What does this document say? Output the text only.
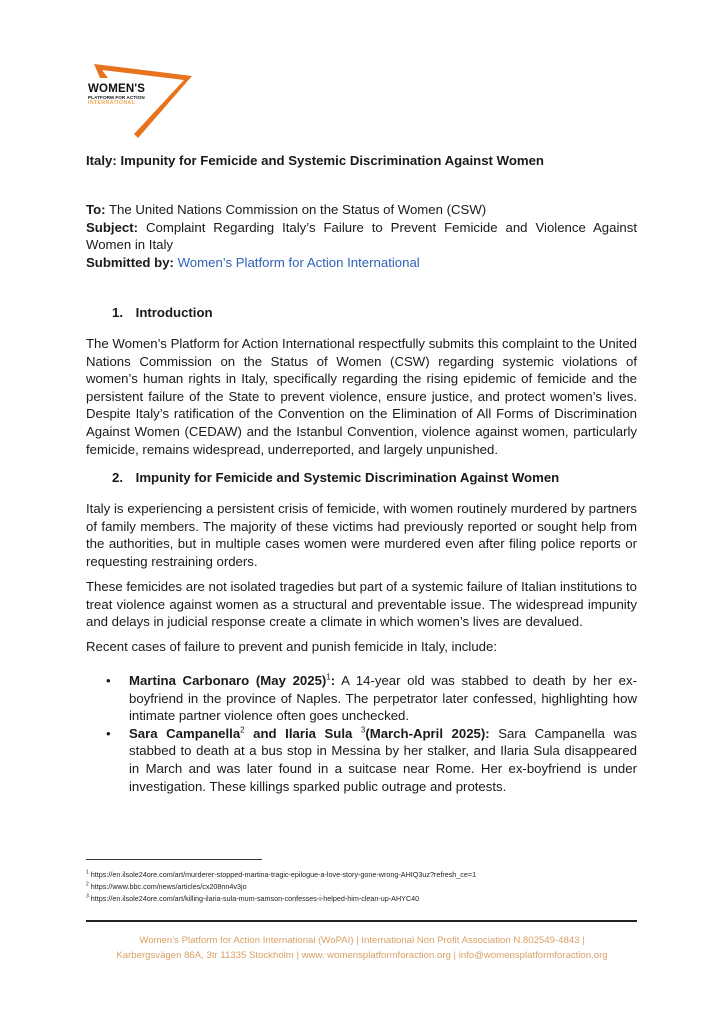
WOMEN'S
PLATFORM FOR ACTION
INTERNATIONAL
Italy: Impunity for Femicide and Systemic Discrimination Against Women
To: The United Nations Commission on the Status of Women (CSW)
Subject: Complaint Regarding Italy’s Failure to Prevent Femicide and Violence Against Women in Italy
Submitted by: Women’s Platform for Action International
1. Introduction
The Women’s Platform for Action International respectfully submits this complaint to the United Nations Commission on the Status of Women (CSW) regarding systemic violations of women’s human rights in Italy, specifically regarding the rising epidemic of femicide and the persistent failure of the State to prevent violence, ensure justice, and protect women’s lives. Despite Italy’s ratification of the Convention on the Elimination of All Forms of Discrimination Against Women (CEDAW) and the Istanbul Convention, violence against women, particularly femicide, remains widespread, underreported, and largely unpunished.
2. Impunity for Femicide and Systemic Discrimination Against Women
Italy is experiencing a persistent crisis of femicide, with women routinely murdered by partners of family members. The majority of these victims had previously reported or sought help from the authorities, but in multiple cases women were murdered even after filing police reports or requesting restraining orders.
These femicides are not isolated tragedies but part of a systemic failure of Italian institutions to treat violence against women as a structural and preventable issue. The widespread impunity and delays in judicial response create a climate in which women’s lives are devalued.
Recent cases of failure to prevent and punish femicide in Italy, include:
• Martina Carbonaro (May 2025)$^1$: A 14-year old was stabbed to death by her ex-boyfriend in the province of Naples. The perpetrator later confessed, highlighting how intimate partner violence often goes unchecked.
• Sara Campanella$^2$ and Ilaria Sula $^3$(March-April 2025): Sara Campanella was stabbed to death at a bus stop in Messina by her stalker, and Ilaria Sula disappeared in March and was later found in a suitcase near Rome. Her ex-boyfriend is under investigation. These killings sparked public outrage and protests.
$^1$ https://en.ilsole24ore.com/art/murderer-stopped-martina-tragic-epilogue-a-love-story-gone-wrong-AHIQ3uz?refresh_ce=1
$^2$ https://www.bbc.com/news/articles/cx208nn4v3jo
$^3$ https://en.ilsole24ore.com/art/killing-ilaria-sula-mum-samson-confesses-i-helped-him-clean-up-AHYC40
Women’s Platform for Action International (WoPAI) | International Non Profit Association N.802549-4843 |
Karbergsvägen 86A, 3tr 11335 Stockholm | www. womensplatformforaction.org | info@womensplatformforaction.org
